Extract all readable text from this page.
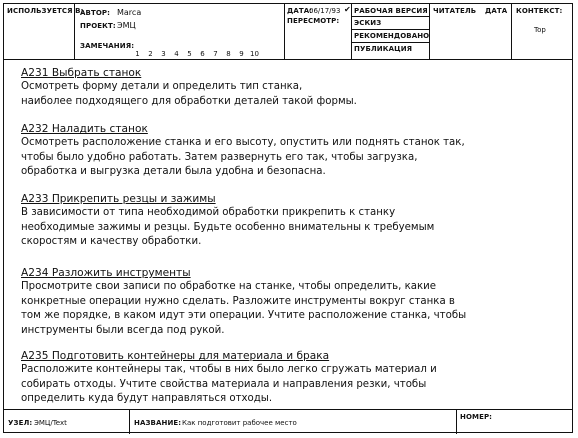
ИСПОЛЬЗУЕТСЯ В:
АВТОР: Marca
ПРОЕКТ: ЭМЦ
ЗАМЕЧАНИЯ:
1 2 3 4 5 6 7 8 9 10
ДАТА:
06/17/93
ПЕРЕСМОТР:
✔ РАБОЧАЯ ВЕРСИЯ
ЭСКИЗ
РЕКОМЕНДОВАНО
ПУБЛИКАЦИЯ
ЧИТАТЕЛЬ ДАТА КОНТЕКСТ:
Top
А231 Выбрать станок

Осмотреть форму детали и определить тип станка,
наиболее подходящего для обработки деталей такой формы.

А232 Наладить станок

Осмотреть расположение станка и его высоту, опустить или поднять станок так,
чтобы было удобно работать. Затем развернуть его так, чтобы загрузка,
обработка и выгрузка детали была удобна и безопасна.

А233 Прикрепить резцы и зажимы

В зависимости от типа необходимой обработки прикрепить к станку
необходимые зажимы и резцы. Будьте особенно внимательны к требуемым
скоростям и качеству обработки.

А234 Разложить инструменты

Просмотрите свои записи по обработке на станке, чтобы определить, какие
конкретные операции нужно сделать. Разложите инструменты вокруг станка в
том же порядке, в каком идут эти операции. Учтите расположение станка, чтобы
инструменты были всегда под рукой.

А235 Подготовить контейнеры для материала и брака

Расположите контейнеры так, чтобы в них было легко сгружать материал и
собирать отходы. Учтите свойства материала и направления резки, чтобы
определить куда будут направляться отходы.

УЗЕЛ: ЭМЦ/Text	НАЗВАНИЕ: Как подготовит рабочее место
НОМЕР:
